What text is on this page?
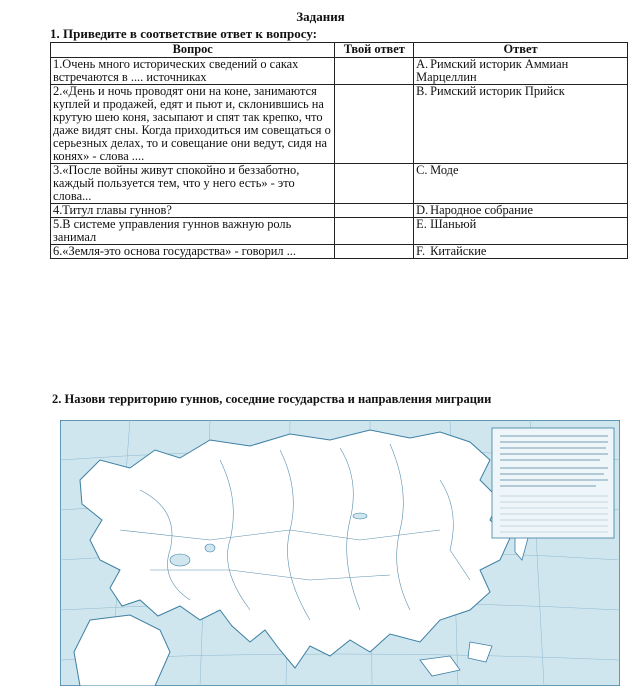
Задания
1. Приведите в соответствие ответ к вопросу:
Вопрос	Твой ответ	Ответ
1.Очень много исторических сведений о саках встречаются в .... источниках		A. Римский историк Аммиан Марцеллин
2.«День и ночь проводят они на коне, занимаются куплей и продажей, едят и пьют и, склонившись на крутую шею коня, засыпают и спят так крепко, что даже видят сны. Когда приходиться им совещаться о серьезных делах, то и совещание они ведут, сидя на конях» - слова ....		B. Римский историк Прийск
3.«После войны живут спокойно и беззаботно, каждый пользуется тем, что у него есть» - это слова...		C. Моде
4.Титул главы гуннов?		D. Народное собрание
5.В системе управления гуннов важную роль занимал		E. Шаньюй
6.«Земля-это основа государства» - говорил ...		F. Китайские
2. Назови территорию гуннов, соседние государства и направления миграции
